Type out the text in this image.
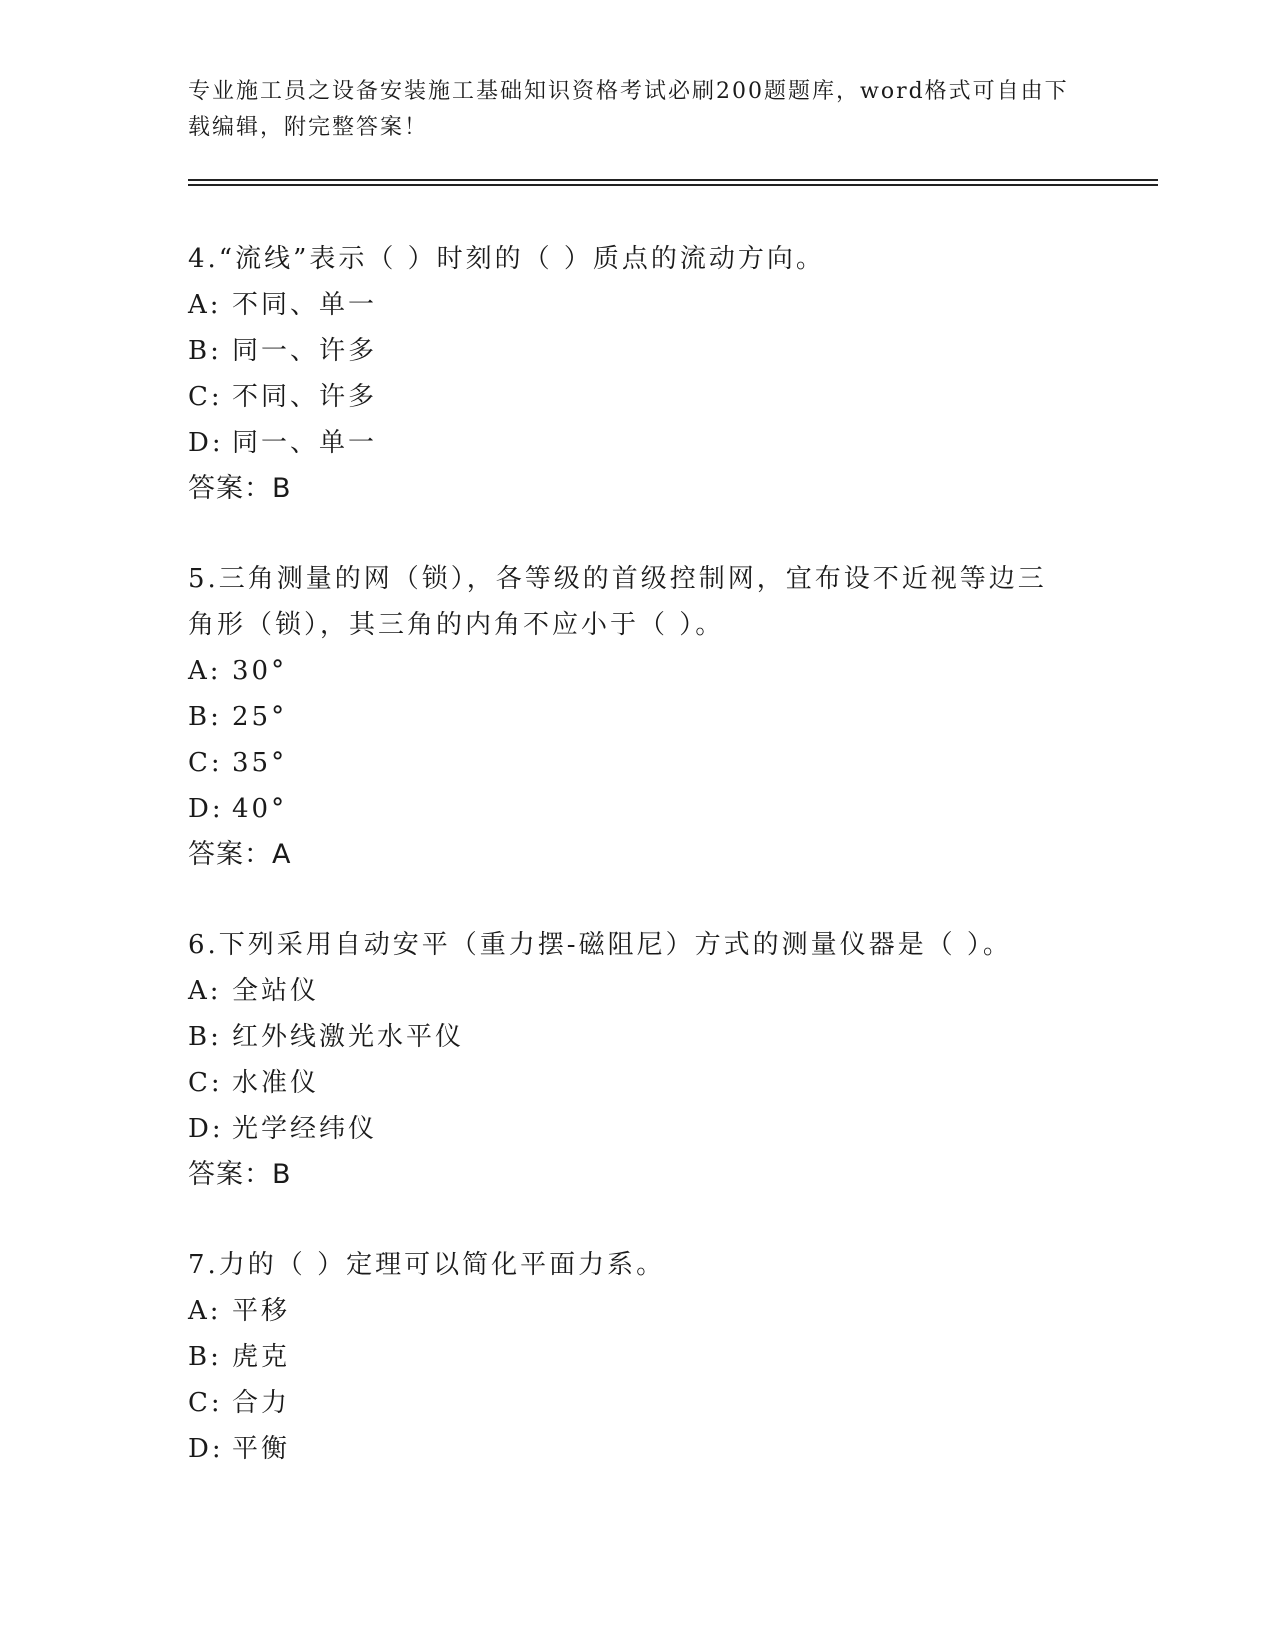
专业施工员之设备安装施工基础知识资格考试必刷200题题库，word格式可自由下载编辑，附完整答案！
4.“流线”表示（ ）时刻的（ ）质点的流动方向。
A: 不同、单一
B: 同一、许多
C: 不同、许多
D: 同一、单一
答案：B
5.三角测量的网（锁），各等级的首级控制网，宜布设不近视等边三角形（锁），其三角的内角不应小于（ ）。
A: 30°
B: 25°
C: 35°
D: 40°
答案：A
6.下列采用自动安平（重力摆-磁阻尼）方式的测量仪器是（ ）。
A: 全站仪
B: 红外线激光水平仪
C: 水准仪
D: 光学经纬仪
答案：B
7.力的（ ）定理可以简化平面力系。
A: 平移
B: 虎克
C: 合力
D: 平衡
